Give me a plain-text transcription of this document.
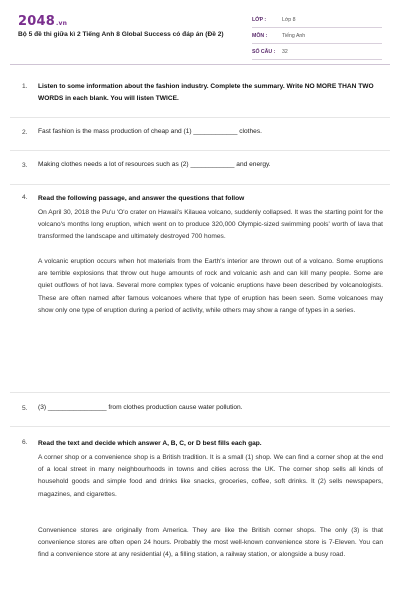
2048.vn
Bộ 5 đề thi giữa kì 2 Tiếng Anh 8 Global Success có đáp án (Đề 2)
LỚP :	Lớp 8
MÔN :	Tiếng Anh
SỐ CÂU : 32
1. Listen to some information about the fashion industry. Complete the summary. Write NO MORE THAN TWO WORDS in each blank. You will listen TWICE.
2. Fast fashion is the mass production of cheap and (1) ____________ clothes.
3. Making clothes needs a lot of resources such as (2) ____________ and energy.
4. Read the following passage, and answer the questions that follow
On April 30, 2018 the Pu'u 'O'o crater on Hawaii's Kilauea volcano, suddenly collapsed. It was the starting point for the volcano's months long eruption, which went on to produce 320,000 Olympic-sized swimming pools' worth of lava that transformed the landscape and ultimately destroyed 700 homes.
A volcanic eruption occurs when hot materials from the Earth's interior are thrown out of a volcano. Some eruptions are terrible explosions that throw out huge amounts of rock and volcanic ash and can kill many people. Some are quiet outflows of hot lava. Several more complex types of volcanic eruptions have been described by volcanologists. These are often named after famous volcanoes where that type of eruption has been seen. Some volcanoes may show only one type of eruption during a period of activity, while others may show a range of types in a series.
5. (3) ________________ from clothes production cause water pollution.
6. Read the text and decide which answer A, B, C, or D best fills each gap.
A corner shop or a convenience shop is a British tradition. It is a small (1) shop. We can find a corner shop at the end of a local street in many neighbourhoods in towns and cities across the UK. The corner shop sells all kinds of household goods and simple food and drinks like snacks, groceries, coffee, soft drinks. It (2) sells newspapers, magazines, and cigarettes.
Convenience stores are originally from America. They are like the British corner shops. The only (3) is that convenience stores are often open 24 hours. Probably the most well-known convenience store is 7-Eleven. You can find a convenience store at any residential (4), a filling station, a railway station, or alongside a busy road.
